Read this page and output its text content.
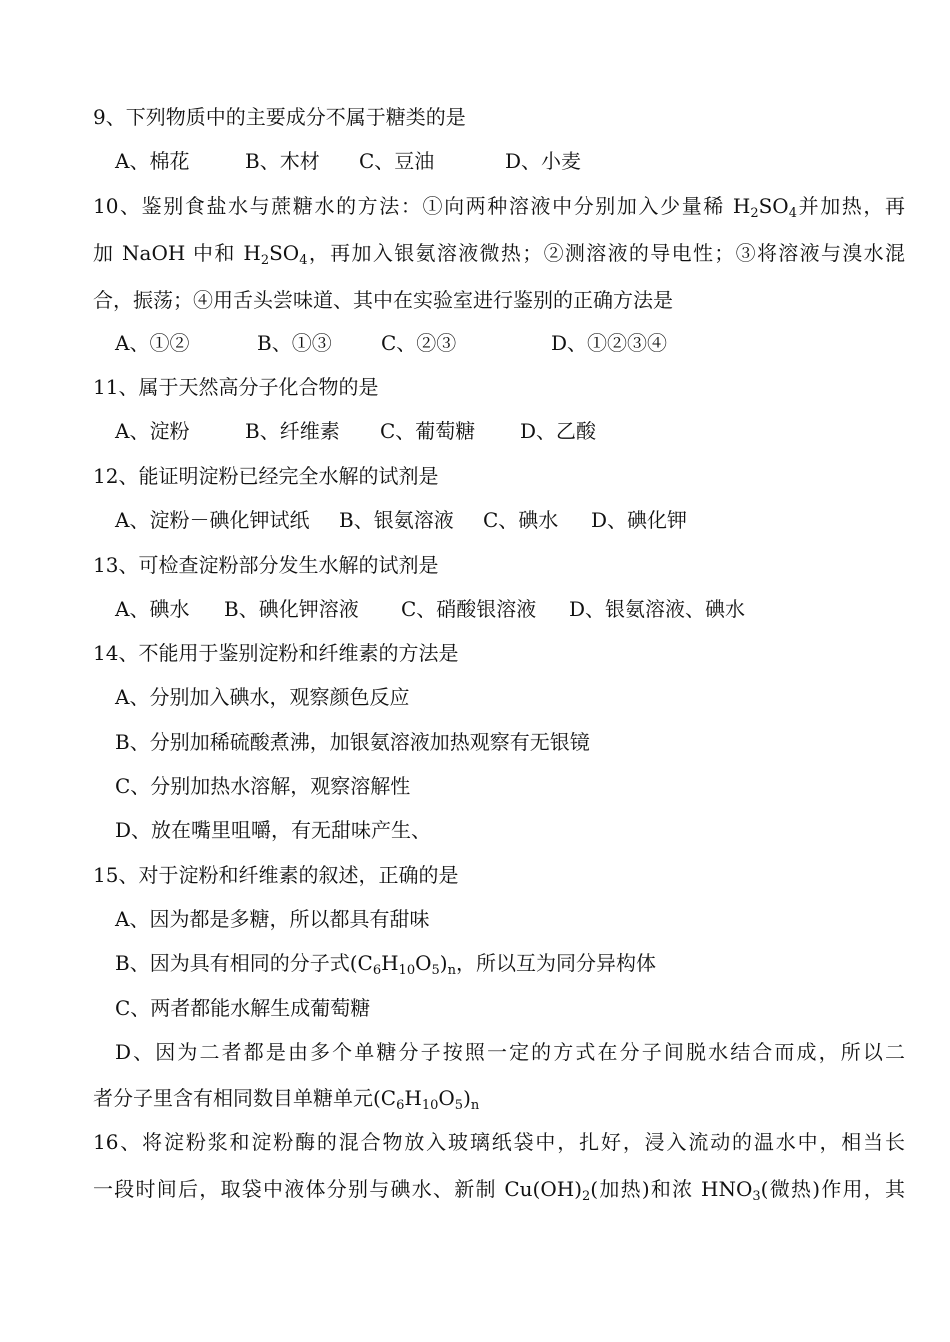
9、下列物质中的主要成分不属于糖类的是
A、棉花	B、木材 C、豆油	D、小麦
10、鉴别食盐水与蔗糖水的方法：①向两种溶液中分别加入少量稀 $H_2SO_4$并加热，再
加 NaOH 中和 $H_2SO_4$，再加入银氨溶液微热；②测溶液的导电性；③将溶液与溴水混
合，振荡；④用舌头尝味道、其中在实验室进行鉴别的正确方法是
A、①②	B、①③ C、②③	D、①②③④
11、属于天然高分子化合物的是
A、淀粉	B、纤维素 C、葡萄糖 D、乙酸
12、能证明淀粉已经完全水解的试剂是
A、淀粉－碘化钾试纸 B、银氨溶液 C、碘水 D、碘化钾
13、可检查淀粉部分发生水解的试剂是
A、碘水 B、碘化钾溶液 C、硝酸银溶液 D、银氨溶液、碘水
14、不能用于鉴别淀粉和纤维素的方法是
A、分别加入碘水，观察颜色反应
B、分别加稀硫酸煮沸，加银氨溶液加热观察有无银镜
C、分别加热水溶解，观察溶解性
D、放在嘴里咀嚼，有无甜味产生、
15、对于淀粉和纤维素的叙述，正确的是
A、因为都是多糖，所以都具有甜味
B、因为具有相同的分子式$(C_6H_{10}O_5)_n$，所以互为同分异构体
C、两者都能水解生成葡萄糖
D、因为二者都是由多个单糖分子按照一定的方式在分子间脱水结合而成，所以二
者分子里含有相同数目单糖单元$(C_6H_{10}O_5)_n$
16、将淀粉浆和淀粉酶的混合物放入玻璃纸袋中，扎好，浸入流动的温水中，相当长
一段时间后，取袋中液体分别与碘水、新制 $Cu(OH)_2$(加热)和浓 $HNO_3$(微热)作用，其
